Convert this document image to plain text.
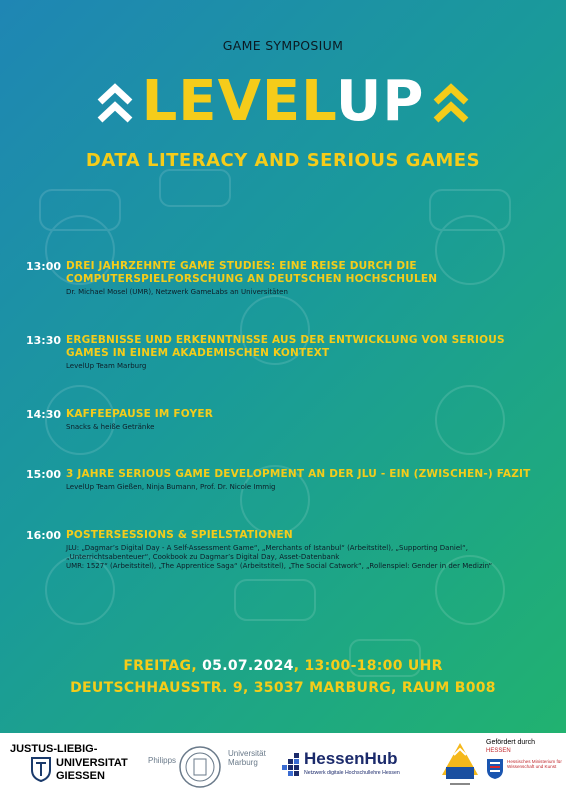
GAME SYMPOSIUM
LEVELUP
DATA LITERACY AND SERIOUS GAMES
13:00 DREI JAHRZEHNTE GAME STUDIES: EINE REISE DURCH DIE COMPUTERSPIELFORSCHUNG AN DEUTSCHEN HOCHSCHULEN
Dr. Michael Mosel (UMR), Netzwerk GameLabs an Universitäten
13:30 ERGEBNISSE UND ERKENNTNISSE AUS DER ENTWICKLUNG VON SERIOUS GAMES IN EINEM AKADEMISCHEN KONTEXT
LevelUp Team Marburg
14:30 KAFFEEPAUSE IM FOYER
Snacks & heiße Getränke
15:00 3 JAHRE SERIOUS GAME DEVELOPMENT AN DER JLU - EIN (ZWISCHEN-) FAZIT
LevelUp Team Gießen, Ninja Bumann, Prof. Dr. Nicole Immig
16:00 POSTERSESSIONS & SPIELSTATIONEN
JLU: „Dagmar’s Digital Day - A Self-Assessment Game“, „Merchants of Istanbul“ (Arbeitstitel), „Supporting Daniel“, „Unterrichtsabenteuer“, Cookbook zu Dagmar’s Digital Day, Asset-Datenbank
UMR: 1527“ (Arbeitstitel), „The Apprentice Saga“ (Arbeitstitel), „The Social Catwork“, „Rollenspiel: Gender in der Medizin“
FREITAG, 05.07.2024, 13:00-18:00 UHR
DEUTSCHHAUSSTR. 9, 35037 MARBURG, RAUM B008
JUSTUS-LIEBIG-
UNIVERSITAT
GIESSEN
Philipps
Universität
Marburg	HessenHub
Netzwerk digitale Hochschullehre Hessen
Gefördert durch
HESSEN
Hessisches Ministerium für Wissenschaft und Kunst
